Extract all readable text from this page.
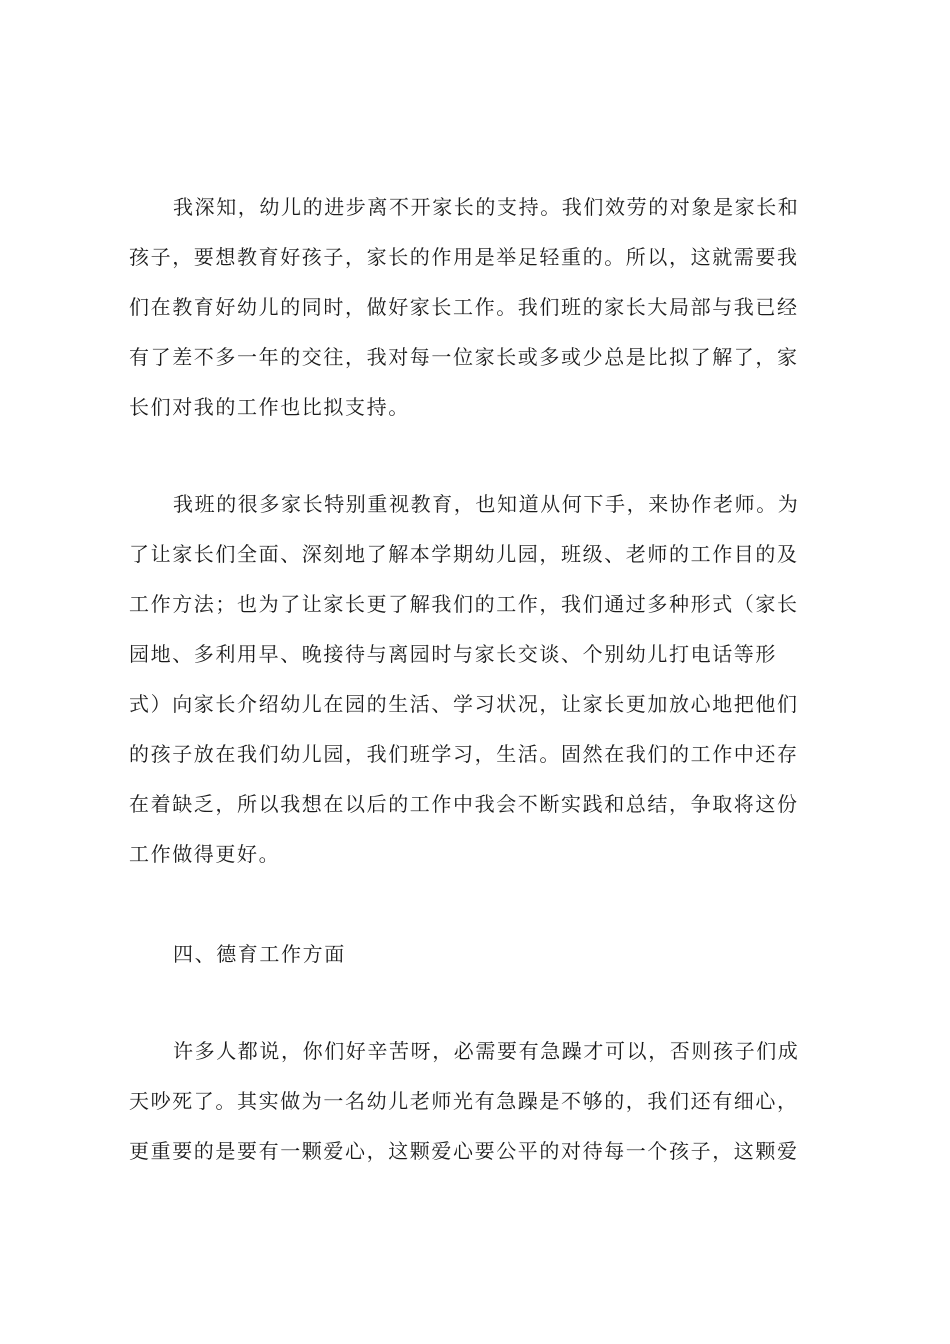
我深知，幼儿的进步离不开家长的支持。我们效劳的对象是家长和
孩子，要想教育好孩子，家长的作用是举足轻重的。所以，这就需要我
们在教育好幼儿的同时，做好家长工作。我们班的家长大局部与我已经
有了差不多一年的交往，我对每一位家长或多或少总是比拟了解了，家
长们对我的工作也比拟支持。
我班的很多家长特别重视教育，也知道从何下手，来协作老师。为
了让家长们全面、深刻地了解本学期幼儿园，班级、老师的工作目的及
工作方法；也为了让家长更了解我们的工作，我们通过多种形式（家长
园地、多利用早、晚接待与离园时与家长交谈、个别幼儿打电话等形
式）向家长介绍幼儿在园的生活、学习状况，让家长更加放心地把他们
的孩子放在我们幼儿园，我们班学习，生活。固然在我们的工作中还存
在着缺乏，所以我想在以后的工作中我会不断实践和总结，争取将这份
工作做得更好。
四、德育工作方面
许多人都说，你们好辛苦呀，必需要有急躁才可以，否则孩子们成
天吵死了。其实做为一名幼儿老师光有急躁是不够的，我们还有细心，
更重要的是要有一颗爱心，这颗爱心要公平的对待每一个孩子，这颗爱
